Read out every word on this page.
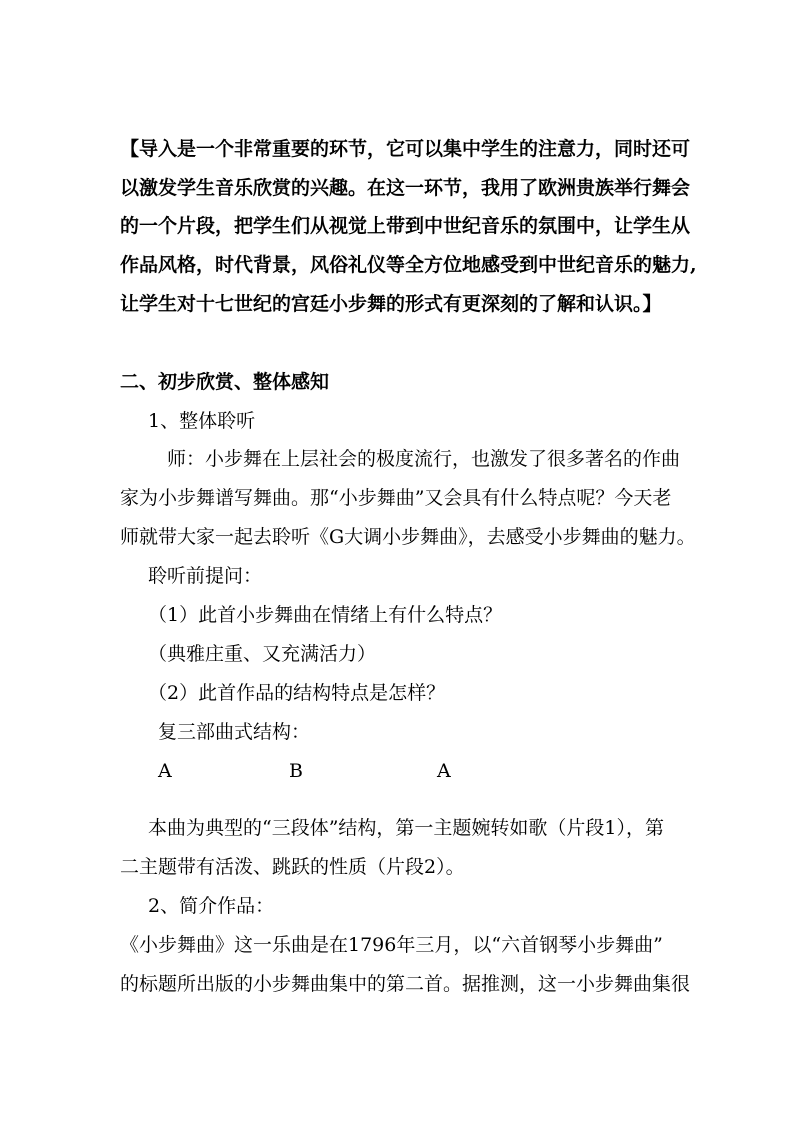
【导入是一个非常重要的环节，它可以集中学生的注意力，同时还可
以激发学生音乐欣赏的兴趣。在这一环节，我用了欧洲贵族举行舞会
的一个片段，把学生们从视觉上带到中世纪音乐的氛围中，让学生从
作品风格，时代背景，风俗礼仪等全方位地感受到中世纪音乐的魅力,
让学生对十七世纪的宫廷小步舞的形式有更深刻的了解和认识。】
二、初步欣赏、整体感知
1、整体聆听
师：小步舞在上层社会的极度流行，也激发了很多著名的作曲
家为小步舞谱写舞曲。那“小步舞曲”又会具有什么特点呢？今天老
师就带大家一起去聆听《G大调小步舞曲》，去感受小步舞曲的魅力。
聆听前提问：
（1）此首小步舞曲在情绪上有什么特点？
（典雅庄重、又充满活力）
（2）此首作品的结构特点是怎样？
复三部曲式结构：
A	B	A
本曲为典型的“三段体”结构，第一主题婉转如歌（片段1），第
二主题带有活泼、跳跃的性质（片段2）。
2、简介作品：
《小步舞曲》这一乐曲是在1796年三月，以“六首钢琴小步舞曲”
的标题所出版的小步舞曲集中的第二首。据推测，这一小步舞曲集很
